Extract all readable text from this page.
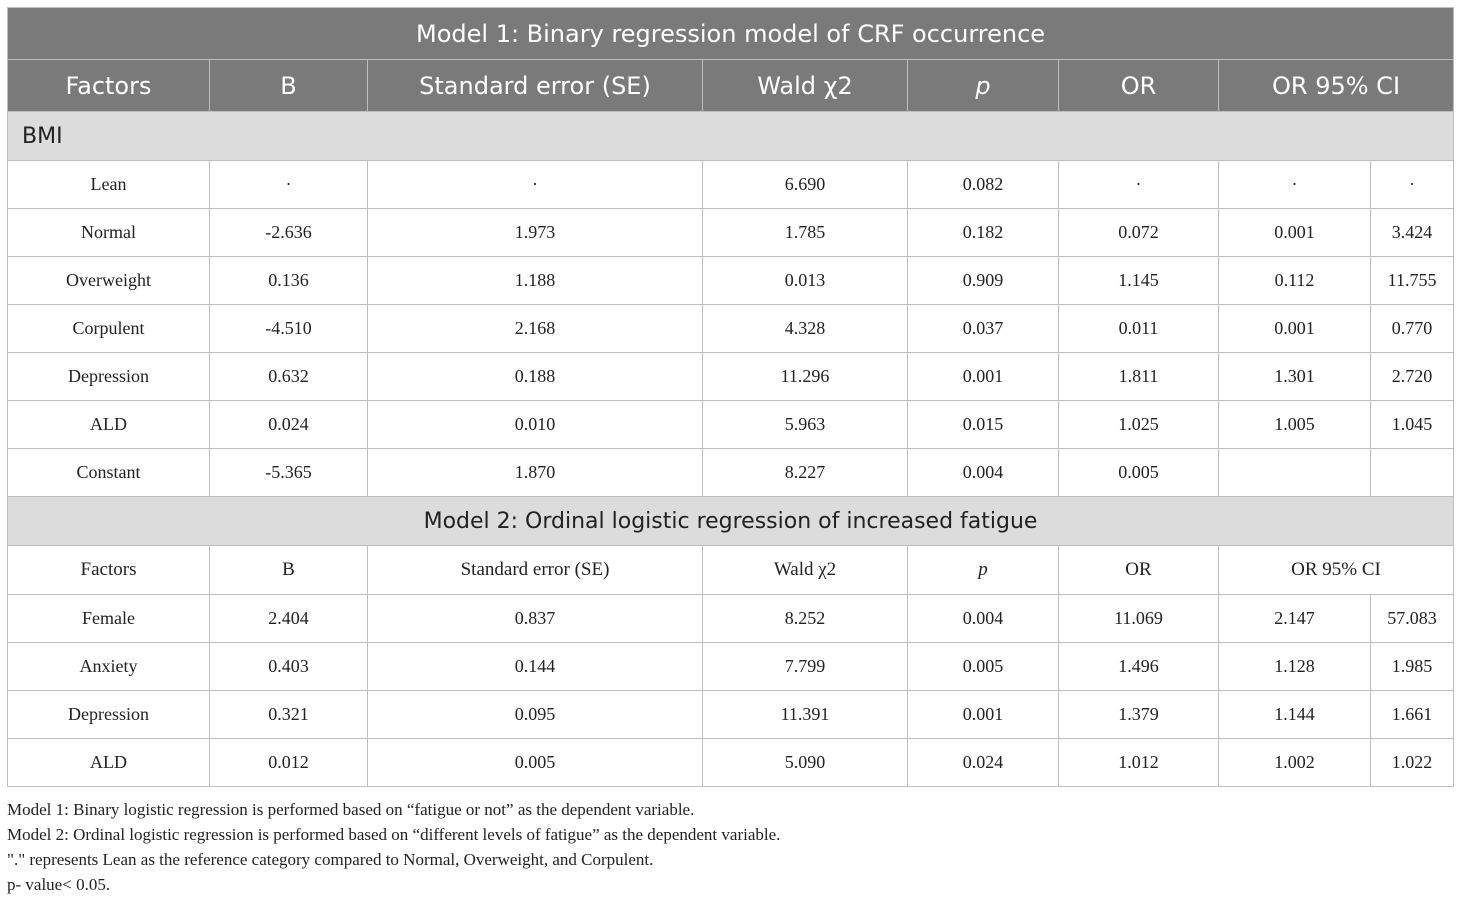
Model 1: Binary regression model of CRF occurrence							
Factors	B	Standard error (SE)	Wald χ2	p	OR	OR 95% CI	
BMI							
Lean	·	·	6.690	0.082	·	·	·
Normal	-2.636	1.973	1.785	0.182	0.072	0.001	3.424
Overweight	0.136	1.188	0.013	0.909	1.145	0.112	11.755
Corpulent	-4.510	2.168	4.328	0.037	0.011	0.001	0.770
Depression	0.632	0.188	11.296	0.001	1.811	1.301	2.720
ALD	0.024	0.010	5.963	0.015	1.025	1.005	1.045
Constant	-5.365	1.870	8.227	0.004	0.005		
Model 2: Ordinal logistic regression of increased fatigue							
Factors	B	Standard error (SE)	Wald χ2	p	OR	OR 95% CI	
Female	2.404	0.837	8.252	0.004	11.069	2.147	57.083
Anxiety	0.403	0.144	7.799	0.005	1.496	1.128	1.985
Depression	0.321	0.095	11.391	0.001	1.379	1.144	1.661
ALD	0.012	0.005	5.090	0.024	1.012	1.002	1.022
Model 1: Binary logistic regression is performed based on “fatigue or not” as the dependent variable.
Model 2: Ordinal logistic regression is performed based on “different levels of fatigue” as the dependent variable.
"." represents Lean as the reference category compared to Normal, Overweight, and Corpulent.
p- value< 0.05.
